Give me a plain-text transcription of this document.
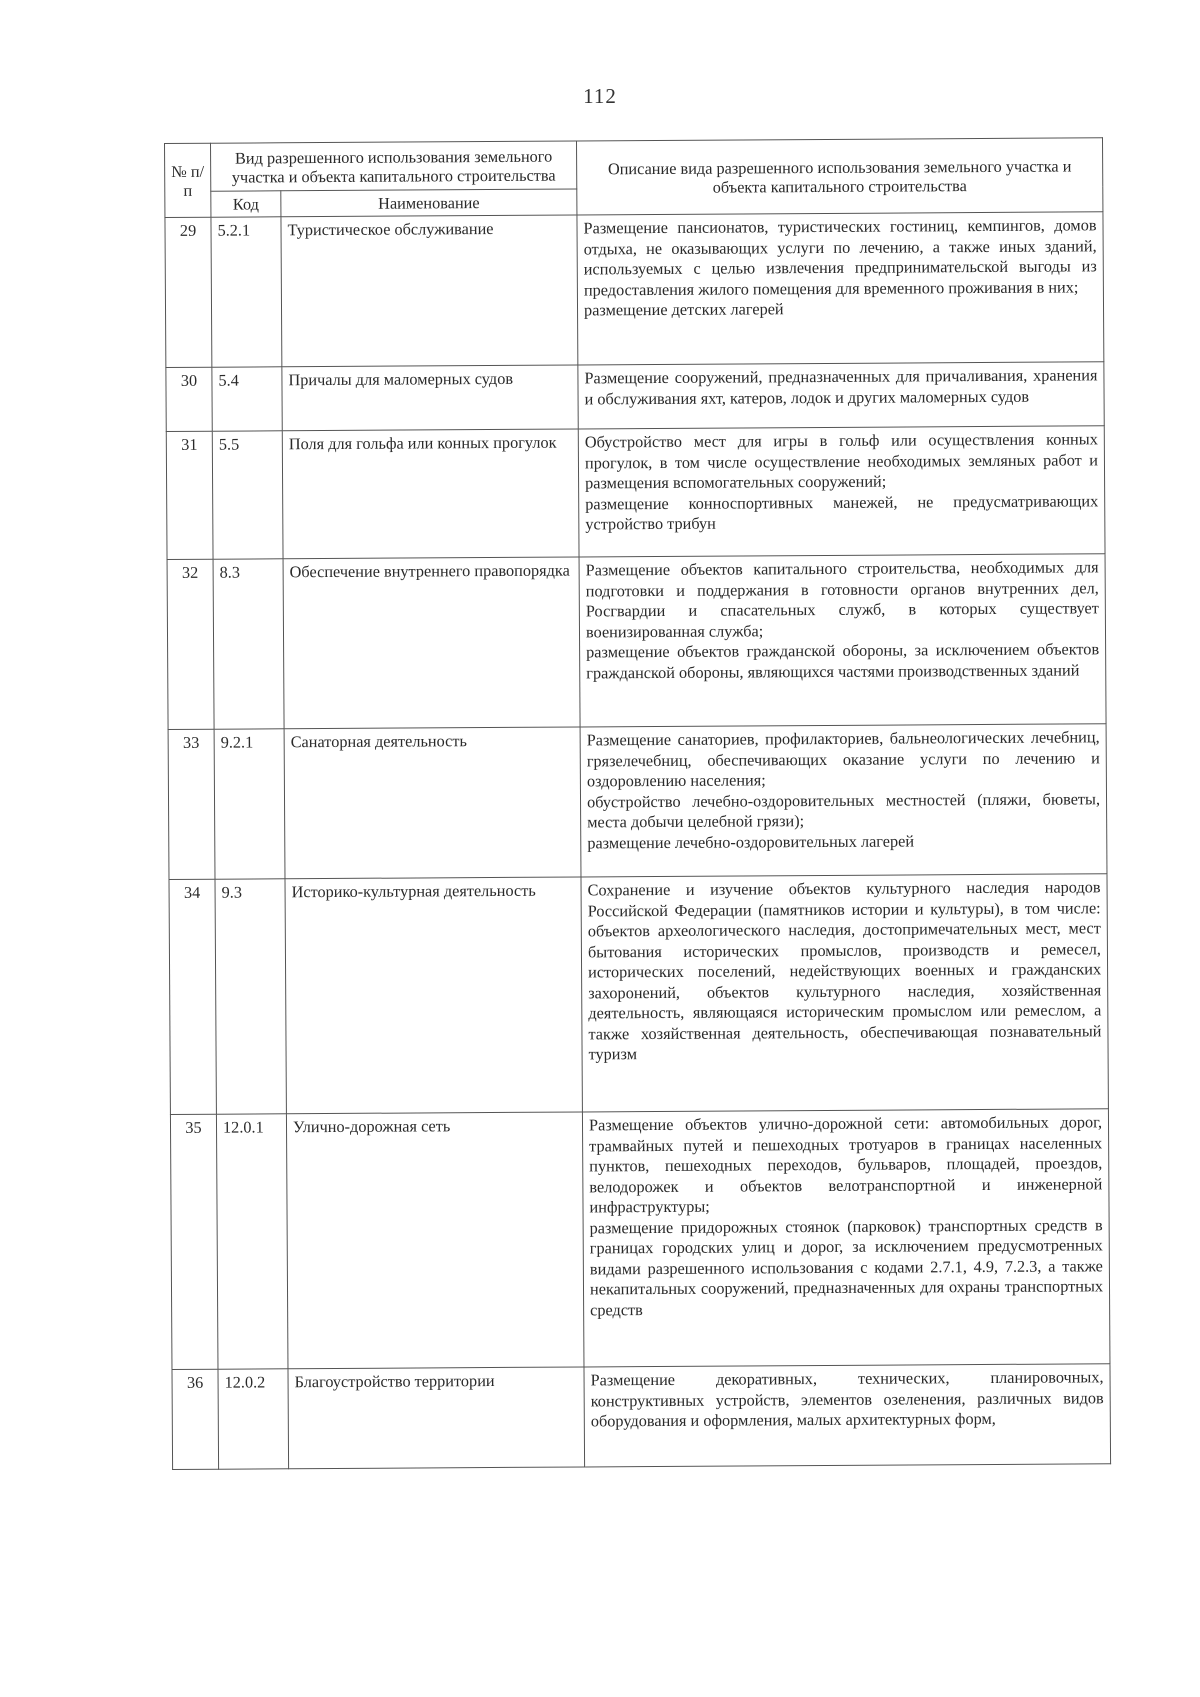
112
№ п/п	Вид разрешенного использования земельного участка и объекта капитального строительства		Описание вида разрешенного использования земельного участка и объекта капитального строительства
	Код	Наименование	
29	5.2.1	Туристическое обслуживание	Размещение пансионатов, туристических гостиниц, кемпингов, домов отдыха, не оказывающих услуги по лечению, а также иных зданий, используемых с целью извлечения предпринимательской выгоды из предоставления жилого помещения для временного проживания в них;
размещение детских лагерей

30	5.4	Причалы для маломерных судов	Размещение сооружений, предназначенных для причаливания, хранения и обслуживания яхт, катеров, лодок и других маломерных судов

31	5.5	Поля для гольфа или конных прогулок	Обустройство мест для игры в гольф или осуществления конных прогулок, в том числе осуществление необходимых земляных работ и размещения вспомогательных сооружений;
размещение конноспортивных манежей, не предусматривающих устройство трибун

32	8.3	Обеспечение внутреннего правопорядка	Размещение объектов капитального строительства, необходимых для подготовки и поддержания в готовности органов внутренних дел, Росгвардии и спасательных служб, в которых существует военизированная служба;
размещение объектов гражданской обороны, за исключением объектов гражданской обороны, являющихся частями производственных зданий

33	9.2.1	Санаторная деятельность	Размещение санаториев, профилакториев, бальнеологических лечебниц, грязелечебниц, обеспечивающих оказание услуги по лечению и оздоровлению населения;
обустройство лечебно-оздоровительных местностей (пляжи, бюветы, места добычи целебной грязи);
размещение лечебно-оздоровительных лагерей

34	9.3	Историко-культурная деятельность	Сохранение и изучение объектов культурного наследия народов Российской Федерации (памятников истории и культуры), в том числе: объектов археологического наследия, достопримечательных мест, мест бытования исторических промыслов, производств и ремесел, исторических поселений, недействующих военных и гражданских захоронений, объектов культурного наследия, хозяйственная деятельность, являющаяся историческим промыслом или ремеслом, а также хозяйственная деятельность, обеспечивающая познавательный туризм

35	12.0.1	Улично-дорожная сеть	Размещение объектов улично-дорожной сети: автомобильных дорог, трамвайных путей и пешеходных тротуаров в границах населенных пунктов, пешеходных переходов, бульваров, площадей, проездов, велодорожек и объектов велотранспортной и инженерной инфраструктуры;
размещение придорожных стоянок (парковок) транспортных средств в границах городских улиц и дорог, за исключением предусмотренных видами разрешенного использования с кодами 2.7.1, 4.9, 7.2.3, а также некапитальных сооружений, предназначенных для охраны транспортных средств

36	12.0.2	Благоустройство территории	Размещение декоративных, технических, планировочных, конструктивных устройств, элементов озеленения, различных видов оборудования и оформления, малых архитектурных форм,
